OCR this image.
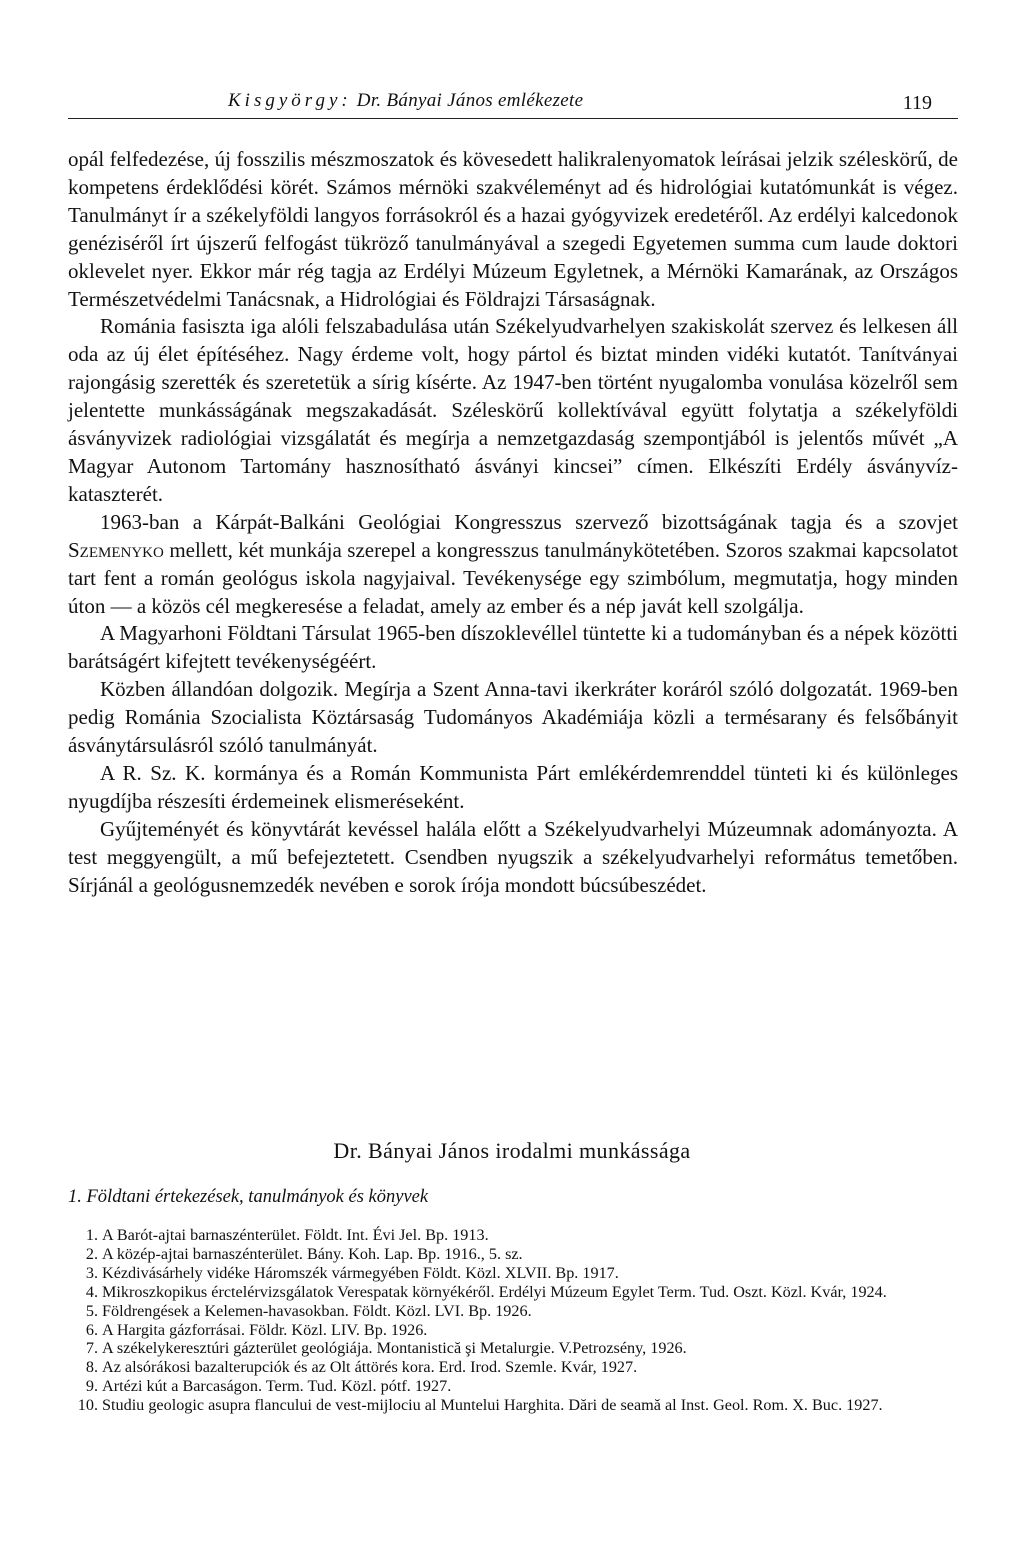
Kisgyörgy: Dr. Bányai János emlékezete	119

opál felfedezése, új fosszilis mészmoszatok és kövesedett halikralenyomatok leírásai jelzik széleskörű, de kompetens érdeklődési körét. Számos mérnöki szakvéleményt ad és hidrológiai kutatómunkát is végez. Tanulmányt ír a székelyföldi langyos forrásokról és a hazai gyógyvizek eredetéről. Az erdélyi kalcedonok genéziséről írt újszerű felfogást tükröző tanulmányával a szegedi Egyetemen summa cum laude doktori oklevelet nyer. Ekkor már rég tagja az Erdélyi Múzeum Egyletnek, a Mérnöki Kamarának, az Országos Természetvédelmi Tanácsnak, a Hidrológiai és Földrajzi Társaságnak.

Románia fasiszta iga alóli felszabadulása után Székelyudvarhelyen szakiskolát szervez és lelkesen áll oda az új élet építéséhez. Nagy érdeme volt, hogy pártol és biztat minden vidéki kutatót. Tanítványai rajongásig szerették és szeretetük a sírig kísérte. Az 1947-ben történt nyugalomba vonulása közelről sem jelentette munkásságának megszakadását. Széleskörű kollektívával együtt folytatja a székelyföldi ásványvizek radiológiai vizsgálatát és megírja a nemzetgazdaság szempontjából is jelentős művét „A Magyar Autonom Tartomány hasznosítható ásványi kincsei” címen. Elkészíti Erdély ásványvíz-kataszterét.

1963-ban a Kárpát-Balkáni Geológiai Kongresszus szervező bizottságának tagja és a szovjet Szemenyko mellett, két munkája szerepel a kongresszus tanulmánykötetében. Szoros szakmai kapcsolatot tart fent a román geológus iskola nagyjaival. Tevékenysége egy szimbólum, megmutatja, hogy minden úton — a közös cél megkeresése a feladat, amely az ember és a nép javát kell szolgálja.

A Magyarhoni Földtani Társulat 1965-ben díszoklevéllel tüntette ki a tudományban és a népek közötti barátságért kifejtett tevékenységéért.

Közben állandóan dolgozik. Megírja a Szent Anna-tavi ikerkráter koráról szóló dolgozatát. 1969-ben pedig Románia Szocialista Köztársaság Tudományos Akadémiája közli a termésarany és felsőbányit ásványtársulásról szóló tanulmányát.

A R. Sz. K. kormánya és a Román Kommunista Párt emlékérdemrenddel tünteti ki és különleges nyugdíjba részesíti érdemeinek elismeréseként.

Gyűjteményét és könyvtárát kevéssel halála előtt a Székelyudvarhelyi Múzeumnak adományozta. A test meggyengült, a mű befejeztetett. Csendben nyugszik a székelyudvarhelyi református temetőben. Sírjánál a geológusnemzedék nevében e sorok írója mondott búcsúbeszédet.

Dr. Bányai János irodalmi munkássága
1. Földtani értekezések, tanulmányok és könyvek
1. A Barót-ajtai barnaszénterület. Földt. Int. Évi Jel. Bp. 1913.
2. A közép-ajtai barnaszénterület. Bány. Koh. Lap. Bp. 1916., 5. sz.
3. Kézdivásárhely vidéke Háromszék vármegyében Földt. Közl. XLVII. Bp. 1917.
4. Mikroszkopikus érctelérvizsgálatok Verespatak környékéről. Erdélyi Múzeum Egylet Term. Tud. Oszt. Közl. Kvár, 1924.
5. Földrengések a Kelemen-havasokban. Földt. Közl. LVI. Bp. 1926.
6. A Hargita gázforrásai. Földr. Közl. LIV. Bp. 1926.
7. A székelykeresztúri gázterület geológiája. Montanistică şi Metalurgie. V.Petrozsény, 1926.
8. Az alsórákosi bazalterupciók és az Olt áttörés kora. Erd. Irod. Szemle. Kvár, 1927.
9. Artézi kút a Barcaságon. Term. Tud. Közl. pótf. 1927.
10. Studiu geologic asupra flancului de vest-mijlociu al Muntelui Harghita. Dări de seamă al Inst. Geol. Rom. X. Buc. 1927.
